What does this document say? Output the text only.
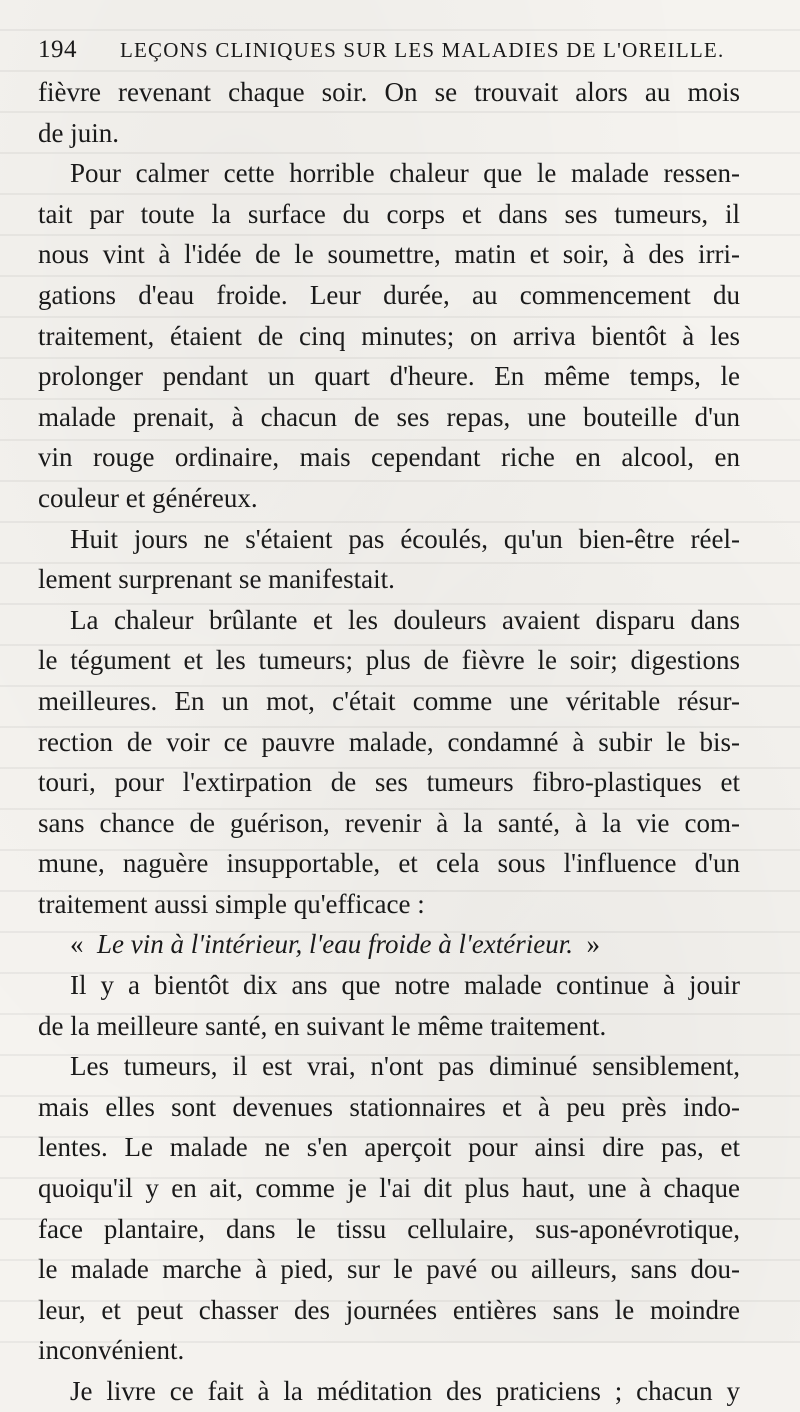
194	LEÇONS CLINIQUES SUR LES MALADIES DE L'OREILLE.
fièvre revenant chaque soir. On se trouvait alors au mois
de juin.
Pour calmer cette horrible chaleur que le malade ressen-
tait par toute la surface du corps et dans ses tumeurs, il
nous vint à l'idée de le soumettre, matin et soir, à des irri-
gations d'eau froide. Leur durée, au commencement du
traitement, étaient de cinq minutes; on arriva bientôt à les
prolonger pendant un quart d'heure. En même temps, le
malade prenait, à chacun de ses repas, une bouteille d'un
vin rouge ordinaire, mais cependant riche en alcool, en
couleur et généreux.
Huit jours ne s'étaient pas écoulés, qu'un bien-être réel-
lement surprenant se manifestait.
La chaleur brûlante et les douleurs avaient disparu dans
le tégument et les tumeurs; plus de fièvre le soir; digestions
meilleures. En un mot, c'était comme une véritable résur-
rection de voir ce pauvre malade, condamné à subir le bis-
touri, pour l'extirpation de ses tumeurs fibro-plastiques et
sans chance de guérison, revenir à la santé, à la vie com-
mune, naguère insupportable, et cela sous l'influence d'un
traitement aussi simple qu'efficace :
«  Le vin à l'intérieur, l'eau froide à l'extérieur.  »
Il y a bientôt dix ans que notre malade continue à jouir
de la meilleure santé, en suivant le même traitement.
Les tumeurs, il est vrai, n'ont pas diminué sensiblement,
mais elles sont devenues stationnaires et à peu près indo-
lentes. Le malade ne s'en aperçoit pour ainsi dire pas, et
quoiqu'il y en ait, comme je l'ai dit plus haut, une à chaque
face plantaire, dans le tissu cellulaire, sus-aponévrotique,
le malade marche à pied, sur le pavé ou ailleurs, sans dou-
leur, et peut chasser des journées entières sans le moindre
inconvénient.
Je livre ce fait à la méditation des praticiens ; chacun y
